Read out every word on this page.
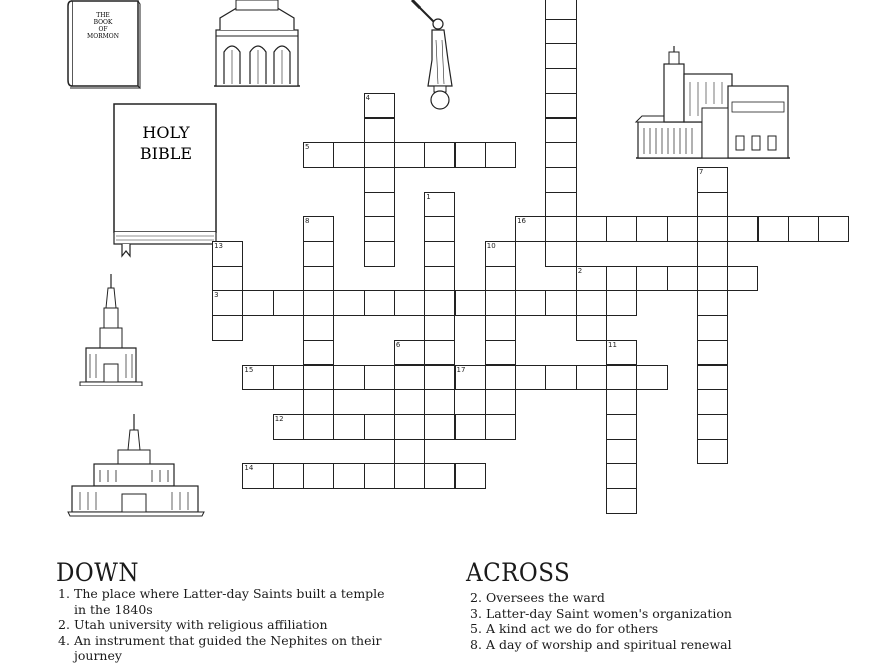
THE
BOOK
OF
MORMON
HOLY
BIBLE
4
5
7
1
8	16
13	10
2
3
6	11
15	17
12
14
DOWN
1. The place where Latter-day Saints built a temple in the 1840s
2. Utah university with religious affiliation
4. An instrument that guided the Nephites on their journey
ACROSS
2. Oversees the ward
3. Latter-day Saint women's organization
5. A kind act we do for others
8. A day of worship and spiritual renewal
